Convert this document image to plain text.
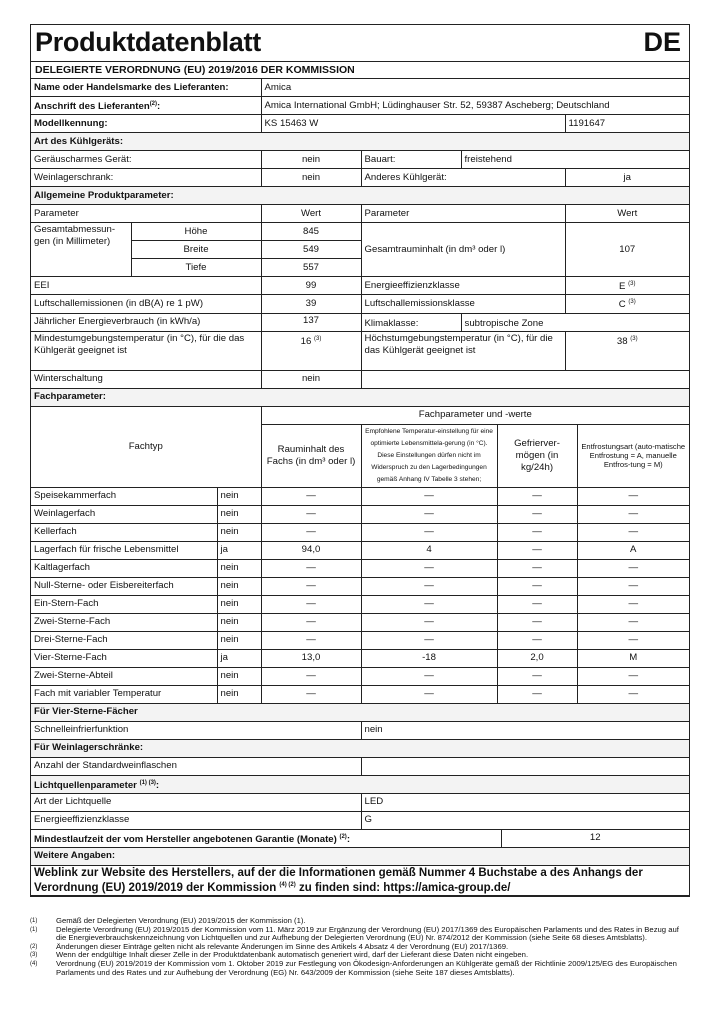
Produktdatenblatt	DE
DELEGIERTE VERORDNUNG (EU) 2019/2016 DER KOMMISSION
Name oder Handelsmarke des Lieferanten:	Amica	
Anschrift des Lieferanten$^{(2)}$:	Amica International GmbH; Lüdinghauser Str. 52, 59387 Ascheberg; Deutschland	
Modellkennung:	KS 15463 W	1191647
Art des Kühlgeräts:		
Geräuscharmes Gerät:		nein	Bauart:	freistehend	
Weinlagerschrank:		nein	Anderes Kühlgerät:		ja
Allgemeine Produktparameter:					
Parameter		Wert	Parameter		Wert
Gesamtabmessun-gen (in Millimeter)	Höhe	845	Gesamtrauminhalt (in dm³ oder l)		107
	Breite	549			
	Tiefe	557			
EEI		99	Energieeffizienzklasse		E $^{(3)}$
Luftschallemissionen (in dB(A) re 1 pW)		39	Luftschallemissionsklasse		C $^{(3)}$
Jährlicher Energieverbrauch (in kWh/a)		137	Klimaklasse:	subtropische Zone	
Mindestumgebungstemperatur (in °C), für die das Kühlgerät geeignet ist		16 $^{(3)}$	Höchstumgebungstemperatur (in °C), für die das Kühlgerät geeignet ist		38 $^{(3)}$
Winterschaltung		nein			
Fachparameter:					
Fachtyp		Fachparameter und -werte			
		Rauminhalt des Fachs (in dm³ oder l)	Empfohlene Temperatur-einstellung für eine optimierte Lebensmittela-gerung (in °C). Diese Einstellungen dürfen nicht im Widerspruch zu den Lagerbedingungen gemäß Anhang IV Tabelle 3 stehen;	Gefrierver-mögen (in kg/24h)	Entfrostungsart (auto-matische Entfrostung = A, manuelle Entfros-tung = M)
Speisekammerfach	nein	—	—	—	—
Weinlagerfach	nein	—	—	—	—
Kellerfach	nein	—	—	—	—
Lagerfach für frische Lebensmittel	ja	94,0	4	—	A
Kaltlagerfach	nein	—	—	—	—
Null-Sterne- oder Eisbereiterfach	nein	—	—	—	—
Ein-Stern-Fach	nein	—	—	—	—
Zwei-Sterne-Fach	nein	—	—	—	—
Drei-Sterne-Fach	nein	—	—	—	—
Vier-Sterne-Fach	ja	13,0	-18	2,0	M
Zwei-Sterne-Abteil	nein	—	—	—	—
Fach mit variabler Temperatur	nein	—	—	—	—
Für Vier-Sterne-Fächer	
Schnelleinfrierfunktion	nein
Für Weinlagerschränke:	
Anzahl der Standardweinflaschen	
Lichtquellenparameter $^{(1) (3)}$:	
Art der Lichtquelle	LED
Energieeffizienzklasse	G
Mindestlaufzeit der vom Hersteller angebotenen Garantie (Monate) $^{(2)}$:	12
Weitere Angaben:
Weblink zur Website des Herstellers, auf der die Informationen gemäß Nummer 4 Buchstabe a des Anhangs der Verordnung (EU) 2019/2019 der Kommission $^{(4) (2)}$ zu finden sind: https://amica-group.de/
(1)	Gemäß der Delegierten Verordnung (EU) 2019/2015 der Kommission (1).
(1)	Delegierte Verordnung (EU) 2019/2015 der Kommission vom 11. März 2019 zur Ergänzung der Verordnung (EU) 2017/1369 des Europäischen Parlaments und des Rates in Bezug auf die Energieverbrauchskennzeichnung von Lichtquellen und zur Aufhebung der Delegierten Verordnung (EU) Nr. 874/2012 der Kommission (siehe Seite 68 dieses Amtsblatts).
(2)	Änderungen dieser Einträge gelten nicht als relevante Änderungen im Sinne des Artikels 4 Absatz 4 der Verordnung (EU) 2017/1369.
(3)	Wenn der endgültige Inhalt dieser Zelle in der Produktdatenbank automatisch generiert wird, darf der Lieferant diese Daten nicht eingeben.
(4)	Verordnung (EU) 2019/2019 der Kommission vom 1. Oktober 2019 zur Festlegung von Ökodesign-Anforderungen an Kühlgeräte gemäß der Richtlinie 2009/125/EG des Europäischen Parlaments und des Rates und zur Aufhebung der Verordnung (EG) Nr. 643/2009 der Kommission (siehe Seite 187 dieses Amtsblatts).
